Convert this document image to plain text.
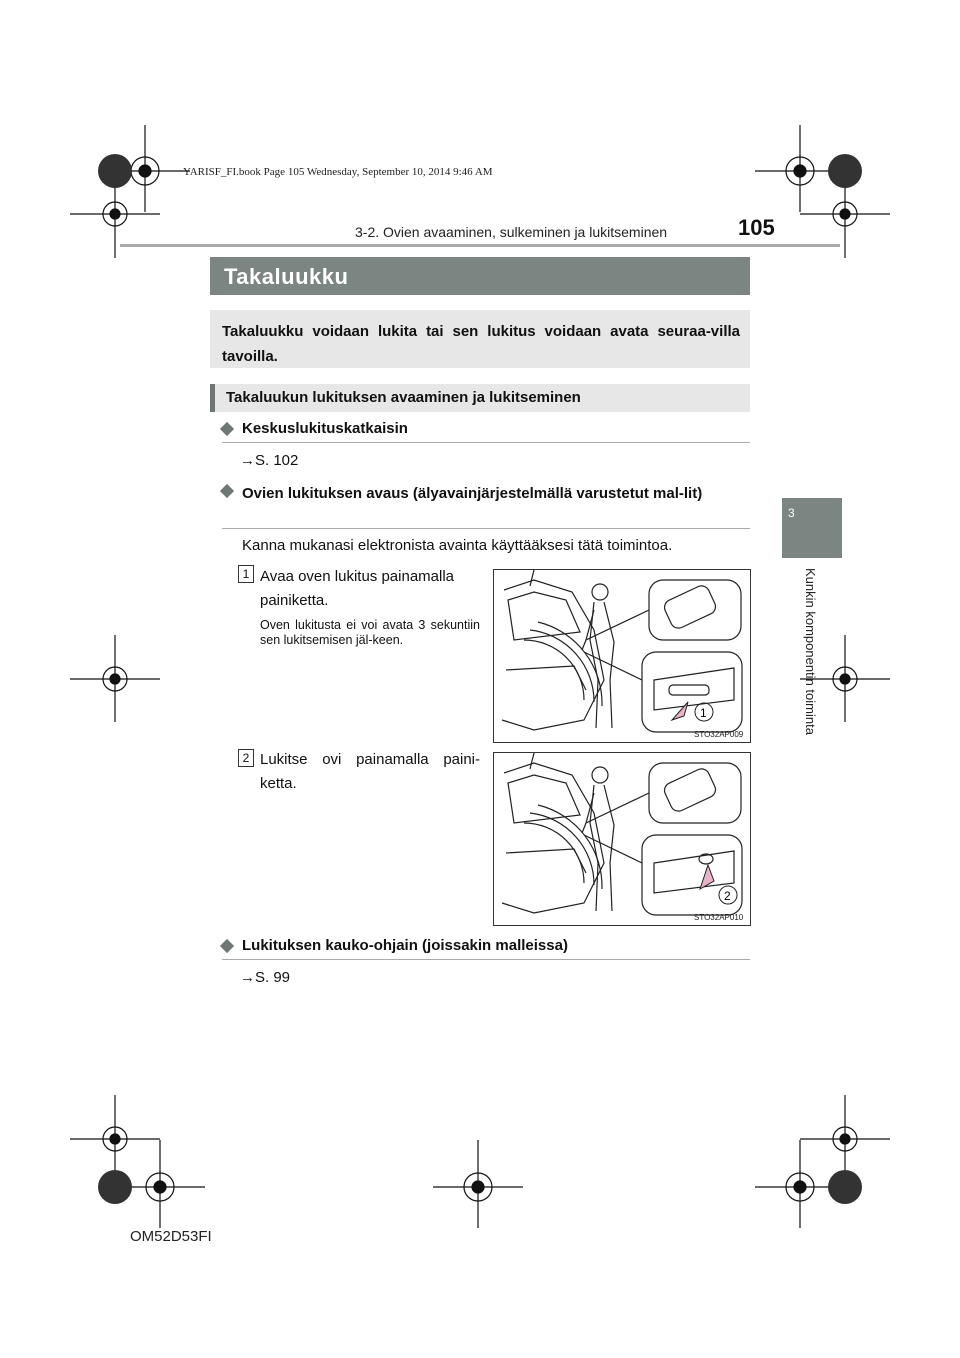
YARISF_FI.book Page 105 Wednesday, September 10, 2014 9:46 AM
3-2. Ovien avaaminen, sulkeminen ja lukitseminen	105
3
Kunkin komponentin toiminta
Takaluukku
Takaluukku voidaan lukita tai sen lukitus voidaan avata seuraa-villa tavoilla.
Takaluukun lukituksen avaaminen ja lukitseminen
Keskuslukituskatkaisin
→S. 102
Ovien lukituksen avaus (älyavainjärjestelmällä varustetut mal-lit)
Kanna mukanasi elektronista avainta käyttääksesi tätä toimintoa.
1 Avaa oven lukitus painamalla painiketta.
Oven lukitusta ei voi avata 3 sekuntiin sen lukitsemisen jäl-keen.
1
STO32AP009
2 Lukitse ovi painamalla paini-ketta.
2
STO32AP010
Lukituksen kauko-ohjain (joissakin malleissa)
→S. 99
OM52D53FI
